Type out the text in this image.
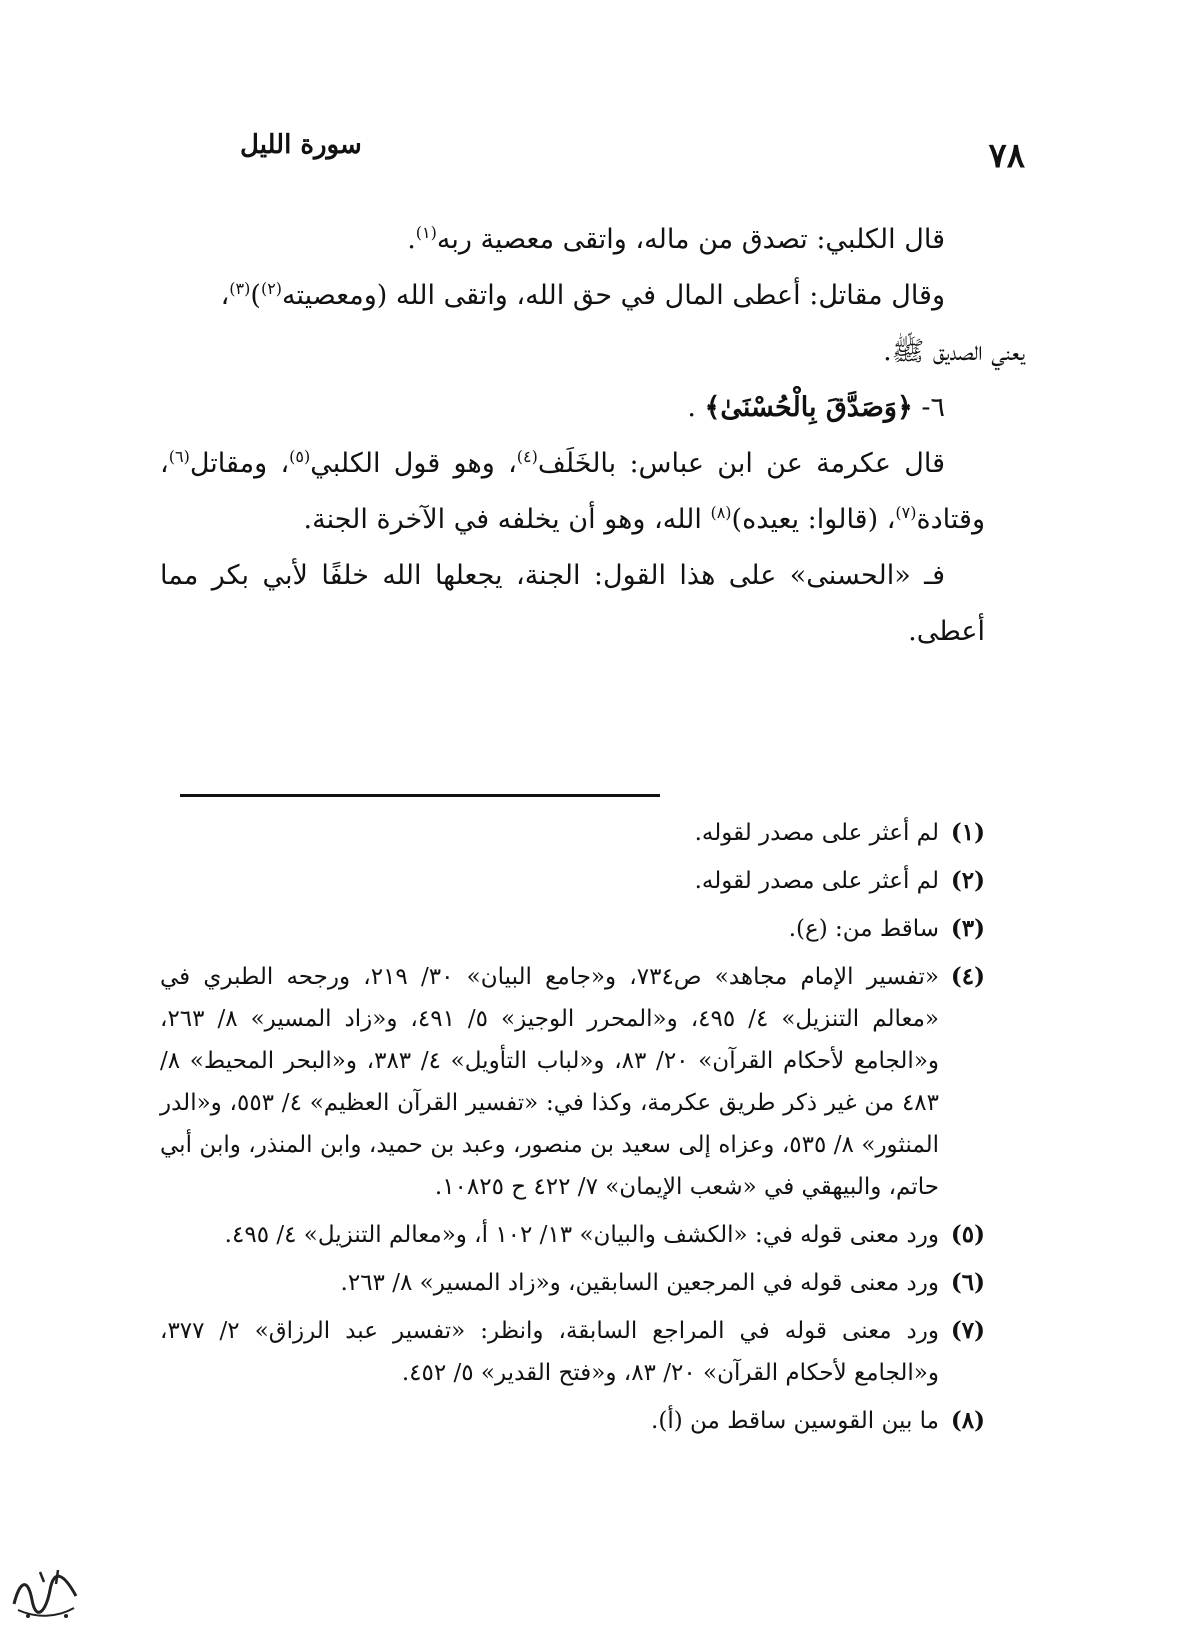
٧٨
سورة الليل

قال الكلبي: تصدق من ماله، واتقى معصية ربه$^{(١)}$.

وقال مقاتل: أعطى المال في حق الله، واتقى الله (ومعصيته$^{(٢)}$)$^{(٣)}$،

يعني الصديق ﷺ.

٦- ﴿وَصَدَّقَ بِالْحُسْنَىٰ﴾ .

قال عكرمة عن ابن عباس: بالخَلَف$^{(٤)}$، وهو قول الكلبي$^{(٥)}$، ومقاتل$^{(٦)}$، وقتادة$^{(٧)}$، (قالوا: يعيده)$^{(٨)}$ الله، وهو أن يخلفه في الآخرة الجنة.

فـ «الحسنى» على هذا القول: الجنة، يجعلها الله خلفًا لأبي بكر مما أعطى.

(١)
لم أعثر على مصدر لقوله.
(٢)
لم أعثر على مصدر لقوله.
(٣)
ساقط من: (ع).
(٤)
«تفسير الإمام مجاهد» ص٧٣٤، و«جامع البيان» ٣٠/ ٢١٩، ورجحه الطبري في «معالم التنزيل» ٤/ ٤٩٥، و«المحرر الوجيز» ٥/ ٤٩١، و«زاد المسير» ٨/ ٢٦٣، و«الجامع لأحكام القرآن» ٢٠/ ٨٣، و«لباب التأويل» ٤/ ٣٨٣، و«البحر المحيط» ٨/ ٤٨٣ من غير ذكر طريق عكرمة، وكذا في: «تفسير القرآن العظيم» ٤/ ٥٥٣، و«الدر المنثور» ٨/ ٥٣٥، وعزاه إلى سعيد بن منصور، وعبد بن حميد، وابن المنذر، وابن أبي حاتم، والبيهقي في «شعب الإيمان» ٧/ ٤٢٢ ح ١٠٨٢٥.
(٥)
ورد معنى قوله في: «الكشف والبيان» ١٣/ ١٠٢ أ، و«معالم التنزيل» ٤/ ٤٩٥.
(٦)
ورد معنى قوله في المرجعين السابقين، و«زاد المسير» ٨/ ٢٦٣.
(٧)
ورد معنى قوله في المراجع السابقة، وانظر: «تفسير عبد الرزاق» ٢/ ٣٧٧، و«الجامع لأحكام القرآن» ٢٠/ ٨٣، و«فتح القدير» ٥/ ٤٥٢.
(٨)
ما بين القوسين ساقط من (أ).
